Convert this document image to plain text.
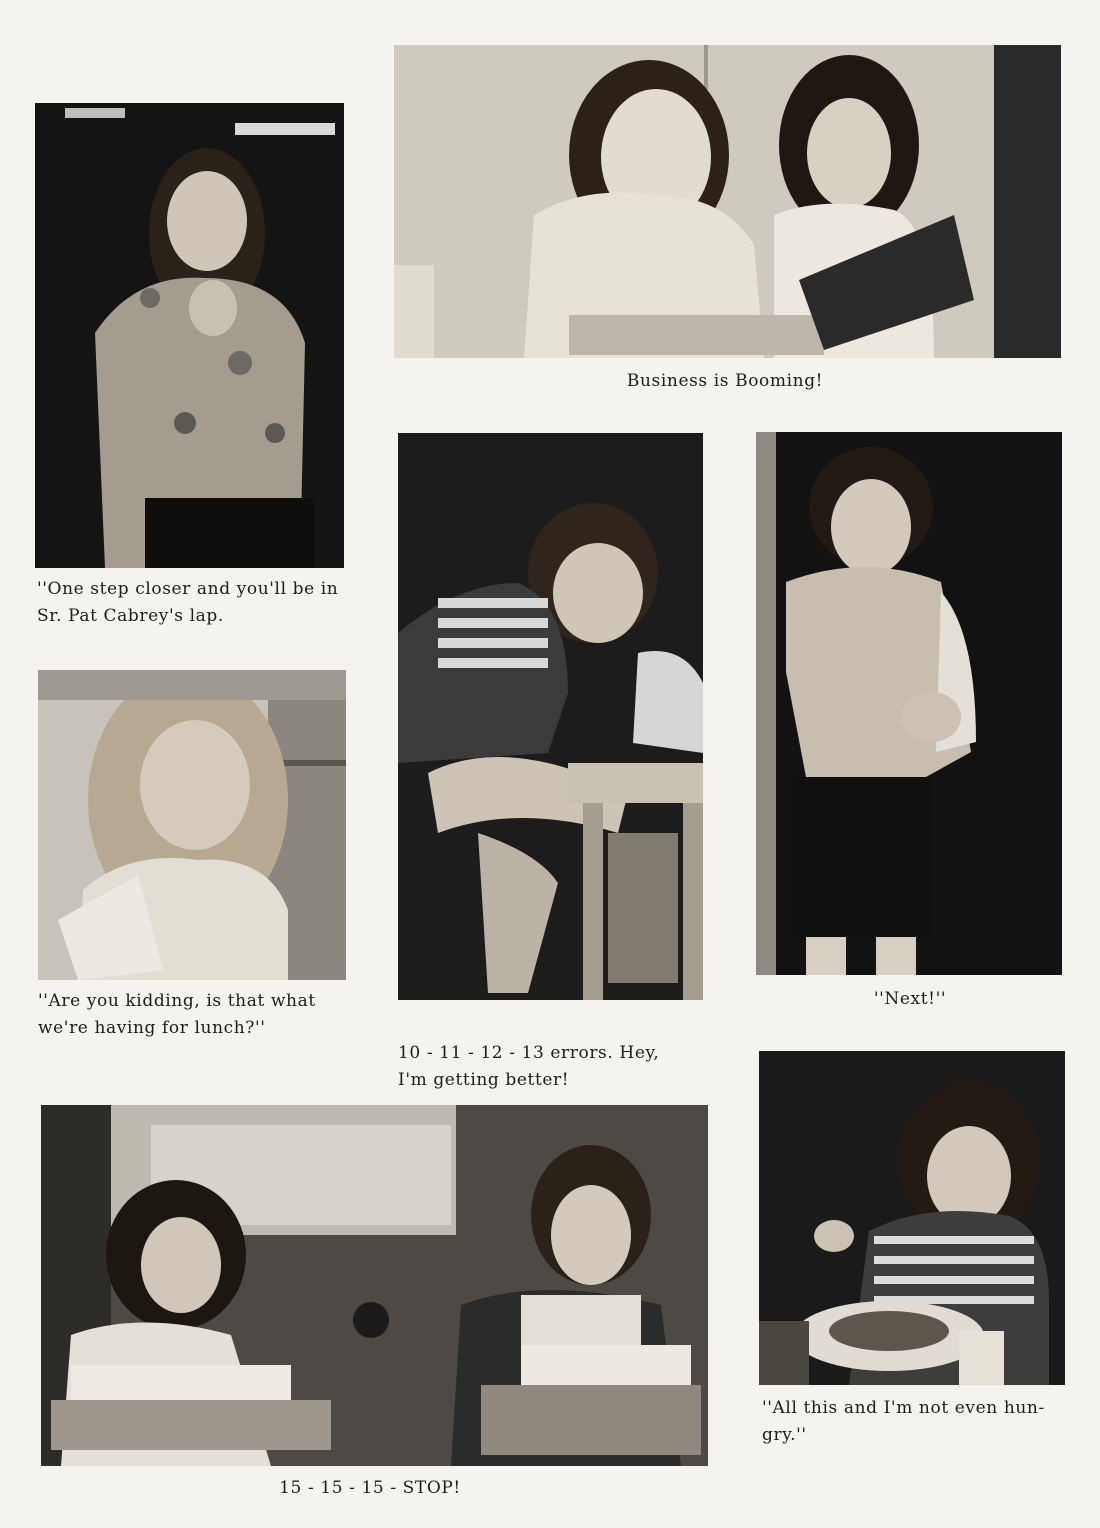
''One step closer and you'll be in
Sr. Pat Cabrey's lap.
Business is Booming!
10 - 11 - 12 - 13 errors. Hey,
I'm getting better!
''Next!''
''Are you kidding, is that what
we're having for lunch?''
15 - 15 - 15 - STOP!
''All this and I'm not even hun-
gry.''
